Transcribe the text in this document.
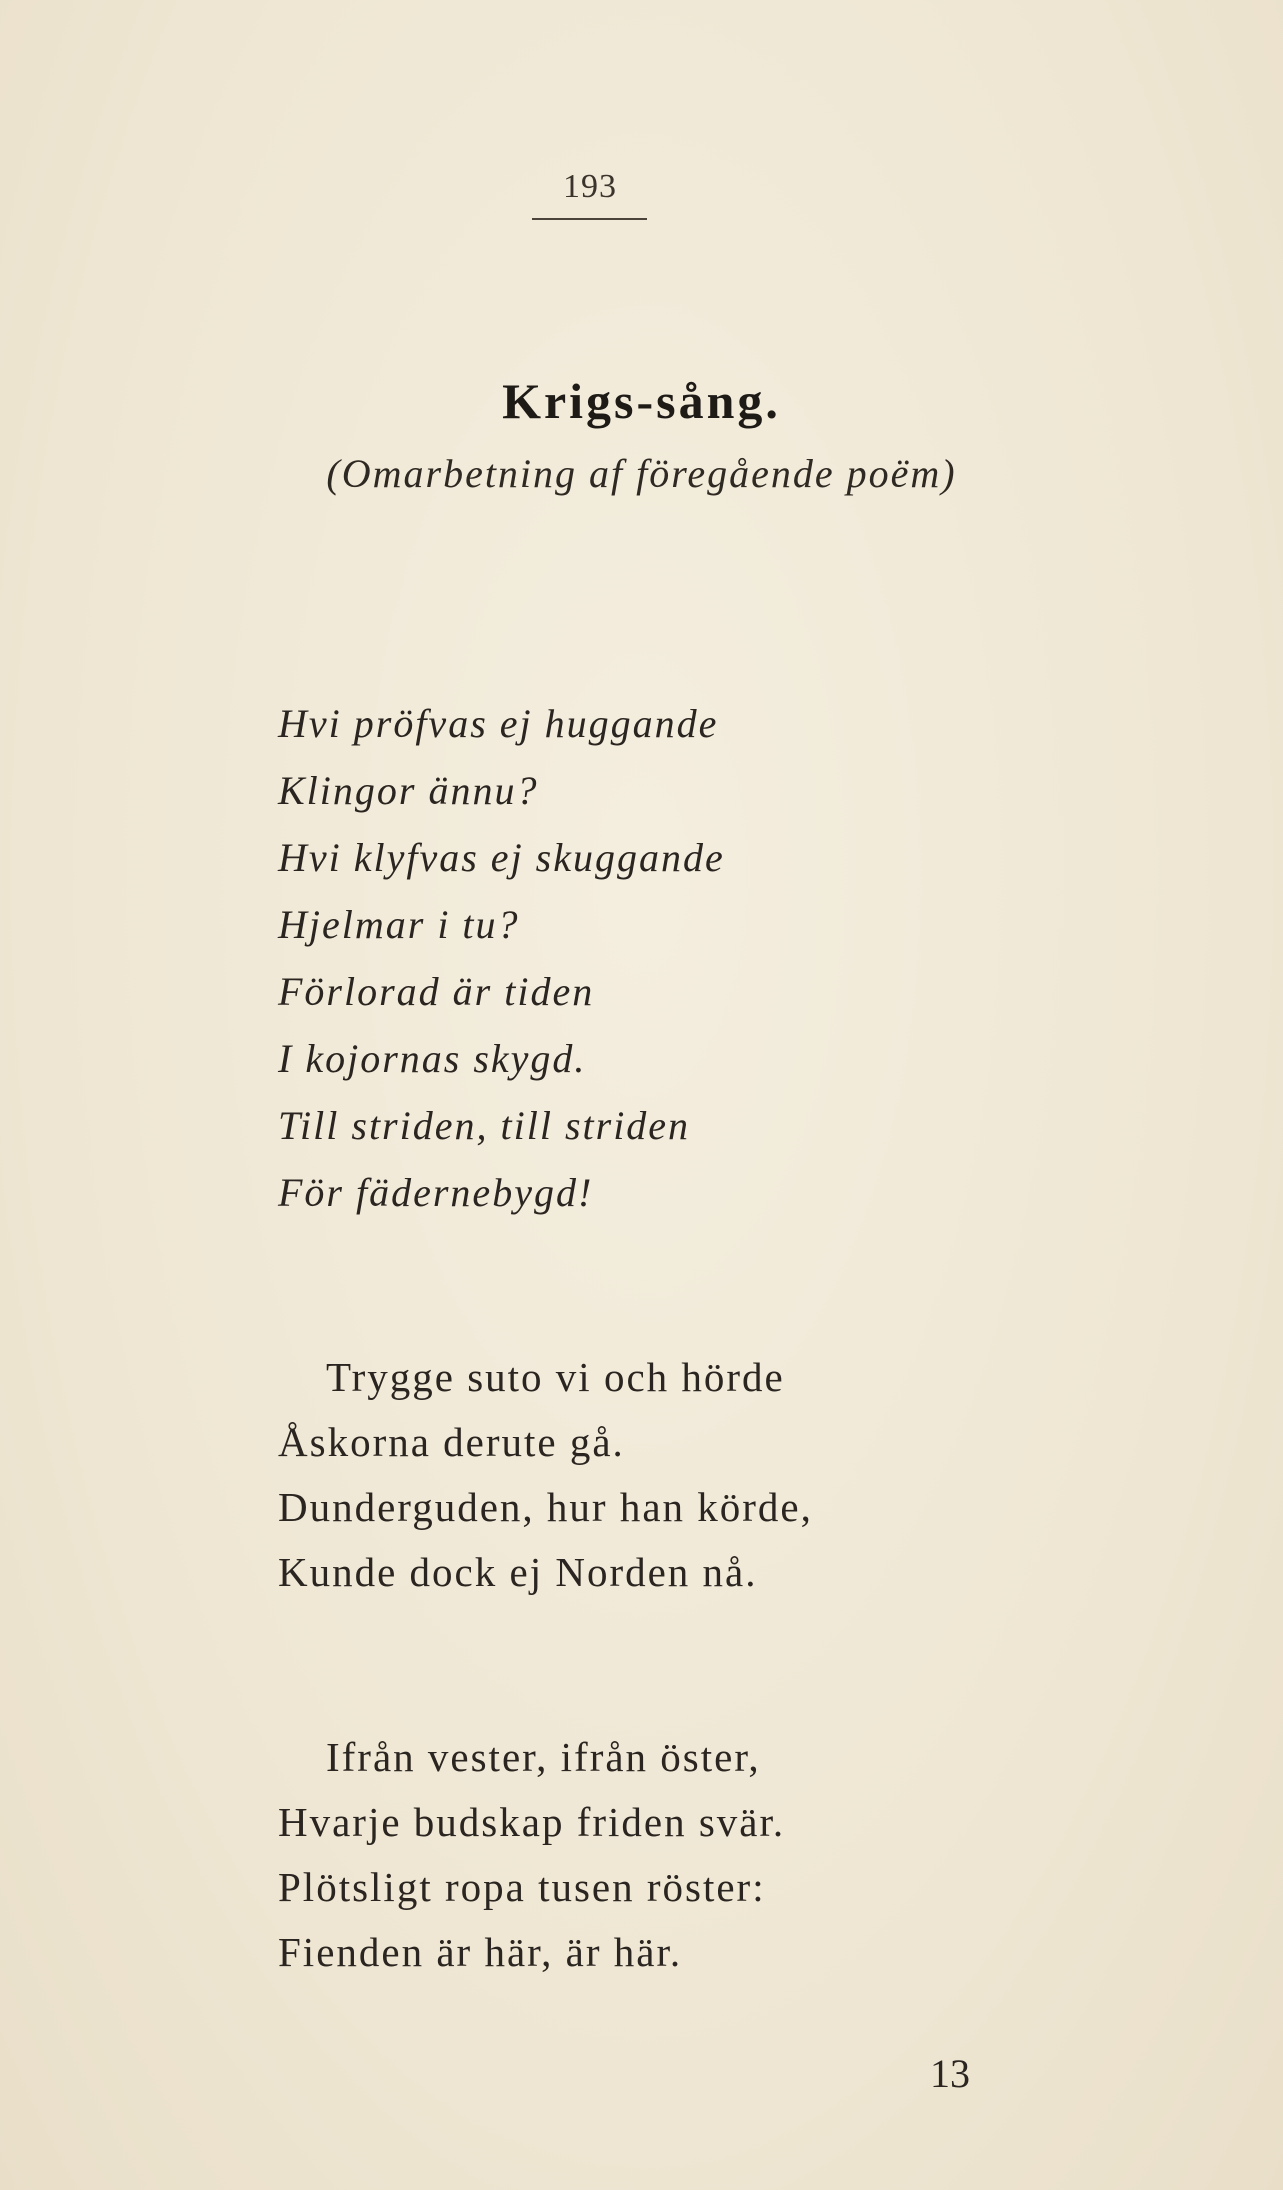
193
Krigs-sång.
(Omarbetning af föregående poëm)
Hvi pröfvas ej huggande
Klingor ännu?
Hvi klyfvas ej skuggande
Hjelmar i tu?
Förlorad är tiden
I kojornas skygd.
Till striden, till striden
För fädernebygd!
Trygge suto vi och hörde
Åskorna derute gå.
Dunderguden, hur han körde,
Kunde dock ej Norden nå.
Ifrån vester, ifrån öster,
Hvarje budskap friden svär.
Plötsligt ropa tusen röster:
Fienden är här, är här.
13
